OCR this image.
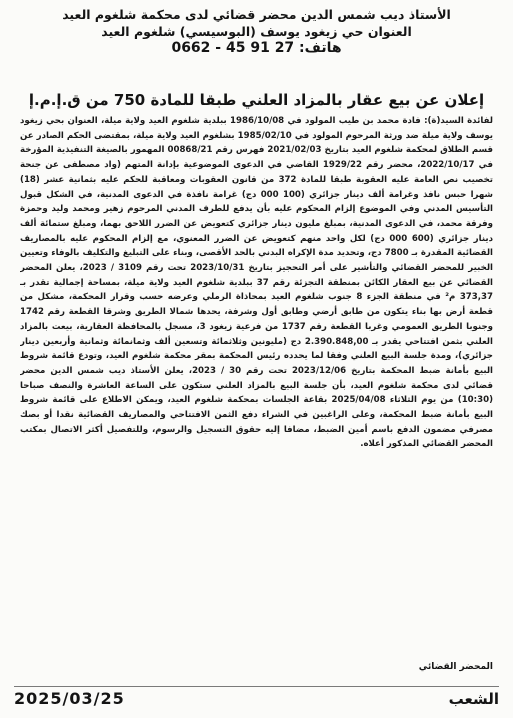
الأستاذ ديب شمس الدين محضر قضائي لدى محكمة شلغوم العيد
العنوان حي زيغود يوسف (البوسيسي) شلغوم العيد
هاتف: 0662 - 45 91 27
إعلان عن بيع عقار بالمزاد العلني طبقا للمادة 750 من ق.إ.م.إ

لفائدة السيد(ة): فادة محمد بن طيب المولود في 1986/10/08 ببلدية شلغوم العيد ولاية ميلة، العنوان بحي زيغود يوسف ولاية ميلة ضد ورثة المرحوم المولود في 1985/02/10 بشلغوم العيد ولاية ميلة، بمقتضى الحكم الصادر عن قسم الطلاق لمحكمة شلغوم العيد بتاريخ 2021/02/03 فهرس رقم 00868/21 المهمور بالصيغة التنفيذية المؤرخة في 2022/10/17، محضر رقم 1929/22 القاضي في الدعوى الموضوعية بإدانة المتهم (واد مصطفى عن جنحة تخصيب نص العامة عليه العقوبة طبقا للمادة 372 من قانون العقوبات ومعاقبة للحكم عليه بثمانية عشر (18) شهرا حبس نافذ وغرامة ألف دينار جزائري (100 000 دج) غرامة نافذة في الدعوى المدنية، في الشكل قبول التأسيس المدني وفي الموضوع إلزام المحكوم عليه بأن يدفع للطرف المدني المرحوم زهير ومحمد وليد وحمزة وفرقة محمد، في الدعوى المدنية، بمبلغ مليون دينار جزائري كتعويض عن الضرر اللاحق بهما، ومبلغ ستمائة ألف دينار جزائري (600 000 دج) لكل واحد منهم كتعويض عن الضرر المعنوي، مع إلزام المحكوم عليه بالمصاريف القضائية المقدرة بـ 7800 دج، وتحديد مدة الإكراه البدني بالحد الأقصى، وبناء على التبليغ والتكليف بالوفاء وتعيين الخبير للمحضر القضائي والتأشير على أمر التحجيز بتاريخ 2023/10/31 تحت رقم 3109 / 2023، يعلن المحضر القضائي عن بيع العقار الكائن بمنطقة التجزئة رقم 37 ببلدية شلغوم العيد ولاية ميلة، بمساحة إجمالية تقدر بـ 373,37 م² في منطقة الجزء 8 جنوب شلغوم العيد بمحاذاة الرملي وعرضه حسب وقرار المحكمة، مشكل من قطعة أرض بها بناء يتكون من طابق أرضي وطابق أول وشرفة، يحدها شمالا الطريق وشرقا القطعة رقم 1742 وجنوبا الطريق العمومي وغربا القطعة رقم 1737 من فرعية زيغود 3، مسجل بالمحافظة العقارية، بيعت بالمزاد العلني بثمن افتتاحي يقدر بـ 2.390.848,00 دج (مليونين وثلاثمائة وتسعين ألف وثمانمائة وثمانية وأربعين دينار جزائري)، ومدة جلسة البيع العلني وفقا لما يحدده رئيس المحكمة بمقر محكمة شلغوم العيد، وتودع قائمة شروط البيع بأمانة ضبط المحكمة بتاريخ 2023/12/06 تحت رقم 30 / 2023، يعلن الأستاذ ديب شمس الدين محضر قضائي لدى محكمة شلغوم العيد، بأن جلسة البيع بالمزاد العلني ستكون على الساعة العاشرة والنصف صباحا (10:30) من يوم الثلاثاء 2025/04/08 بقاعة الجلسات بمحكمة شلغوم العيد، ويمكن الاطلاع على قائمة شروط البيع بأمانة ضبط المحكمة، وعلى الراغبين في الشراء دفع الثمن الافتتاحي والمصاريف القضائية نقدا أو بصك مصرفي مضمون الدفع باسم أمين الضبط، مضافا إليه حقوق التسجيل والرسوم، وللتفصيل أكثر الاتصال بمكتب المحضر القضائي المذكور أعلاه.

المحضر القضائي
الشعب
2025/03/25
